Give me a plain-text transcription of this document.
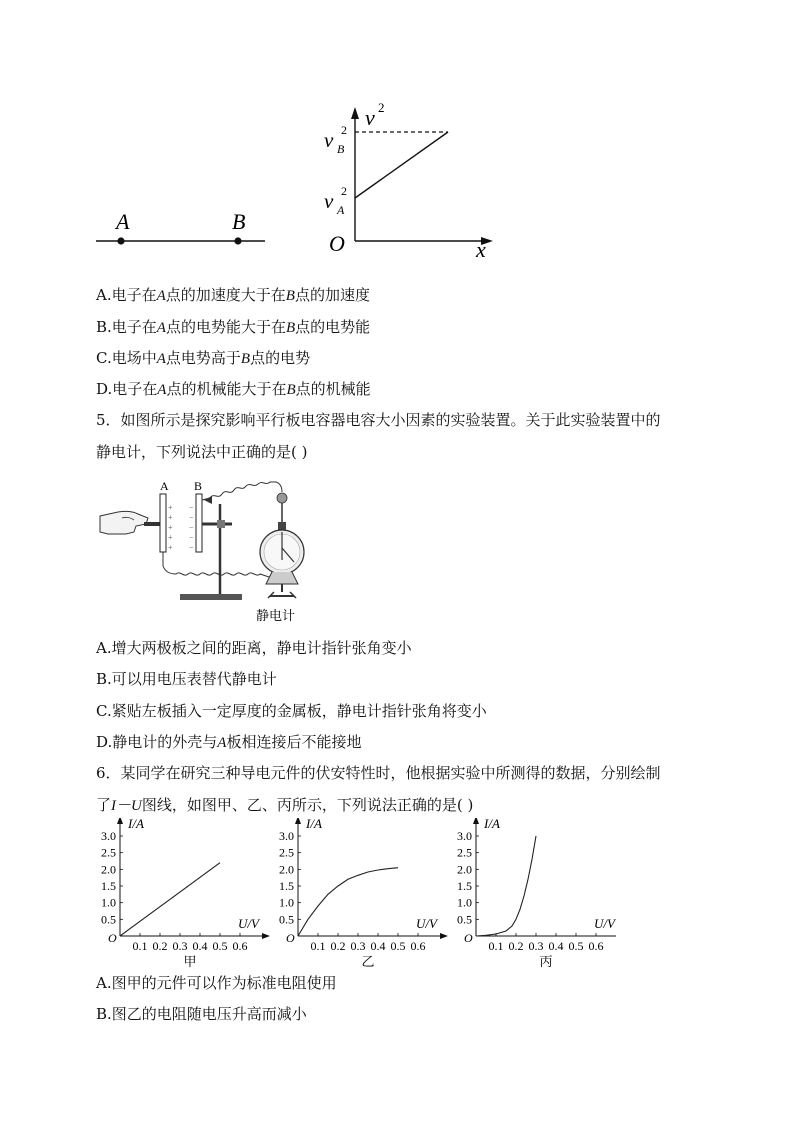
A	B
v 2
O	x
v B
2
v A
2
A.电子在A点的加速度大于在B点的加速度
B.电子在A点的电势能大于在B点的电势能
C.电场中A点电势高于B点的电势
D.电子在A点的机械能大于在B点的机械能
5．如图所示是探究影响平行板电容器电容大小因素的实验装置。关于此实验装置中的
静电计，下列说法中正确的是( )
A
+
+
+
+
+
B
−
−
−
−
−
静电计
A.增大两极板之间的距离，静电计指针张角变小
B.可以用电压表替代静电计
C.紧贴左板插入一定厚度的金属板，静电计指针张角将变小
D.静电计的外壳与A板相连接后不能接地
6．某同学在研究三种导电元件的伏安特性时，他根据实验中所测得的数据，分别绘制
了I－U图线，如图甲、乙、丙所示，下列说法正确的是( )
0.5
1.0
1.5
2.0
2.5
3.0
0.1 0.2 0.3 0.4 0.5 0.6
O
I/A
U/V
甲
0.5
1.0
1.5
2.0
2.5
3.0
0.1 0.2 0.3 0.4 0.5 0.6
O
I/A
U/V
乙
0.5
1.0
1.5
2.0
2.5
3.0
0.1 0.2 0.3 0.4 0.5 0.6
O
I/A
U/V
丙
A.图甲的元件可以作为标准电阻使用
B.图乙的电阻随电压升高而减小
